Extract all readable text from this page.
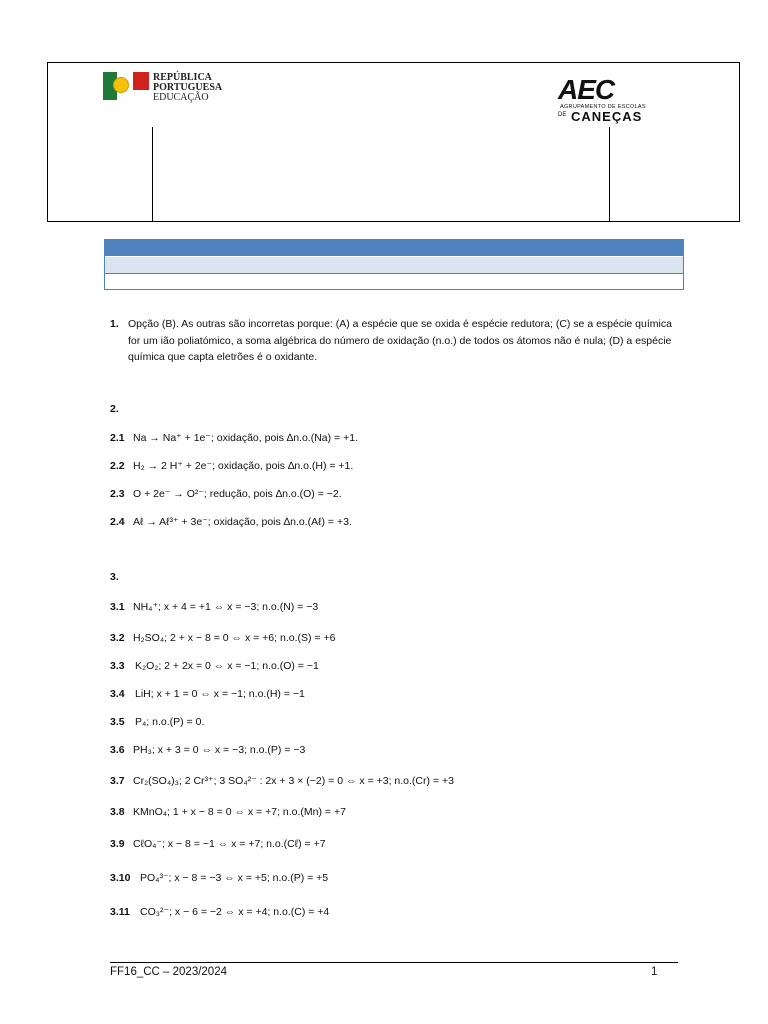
REPÚBLICA
PORTUGUESA
EDUCAÇÃO	AEC
AGRUPAMENTO DE ESCOLAS
DE CANEÇAS
1. Opção (B). As outras são incorretas porque: (A) a espécie que se oxida é espécie redutora; (C) se a espécie química for um ião poliatómico, a soma algébrica do número de oxidação (n.o.) de todos os átomos não é nula; (D) a espécie química que capta eletrões é o oxidante.
2.
2.1 Na → Na⁺ + 1e⁻; oxidação, pois ∆n.o.(Na) = +1.
2.2 H₂ → 2 H⁺ + 2e⁻; oxidação, pois ∆n.o.(H) = +1.
2.3 O + 2e⁻ → O²⁻; redução, pois ∆n.o.(O) = −2.
2.4 Aℓ → Aℓ³⁺ + 3e⁻; oxidação, pois ∆n.o.(Aℓ) = +3.
3.
3.1 NH₄⁺; x + 4 = +1 ⇔ x = −3; n.o.(N) = −3
3.2 H₂SO₄; 2 + x − 8 = 0 ⇔ x = +6; n.o.(S) = +6
3.3 K₂O₂; 2 + 2x = 0 ⇔ x = −1; n.o.(O) = −1
3.4 LiH; x + 1 = 0 ⇔ x = −1; n.o.(H) = −1
3.5 P₄; n.o.(P) = 0.
3.6 PH₃; x + 3 = 0 ⇔ x = −3; n.o.(P) = −3
3.7 Cr₂(SO₄)₃; 2 Cr³⁺; 3 SO₄²⁻ : 2x + 3 × (−2) = 0 ⇔ x = +3; n.o.(Cr) = +3
3.8 KMnO₄; 1 + x − 8 = 0 ⇔ x = +7; n.o.(Mn) = +7
3.9 CℓO₄⁻; x − 8 = −1 ⇔ x = +7; n.o.(Cℓ) = +7
3.10 PO₄³⁻; x − 8 = −3 ⇔ x = +5; n.o.(P) = +5
3.11 CO₃²⁻; x − 6 = −2 ⇔ x = +4; n.o.(C) = +4
FF16_CC – 2023/2024	1
